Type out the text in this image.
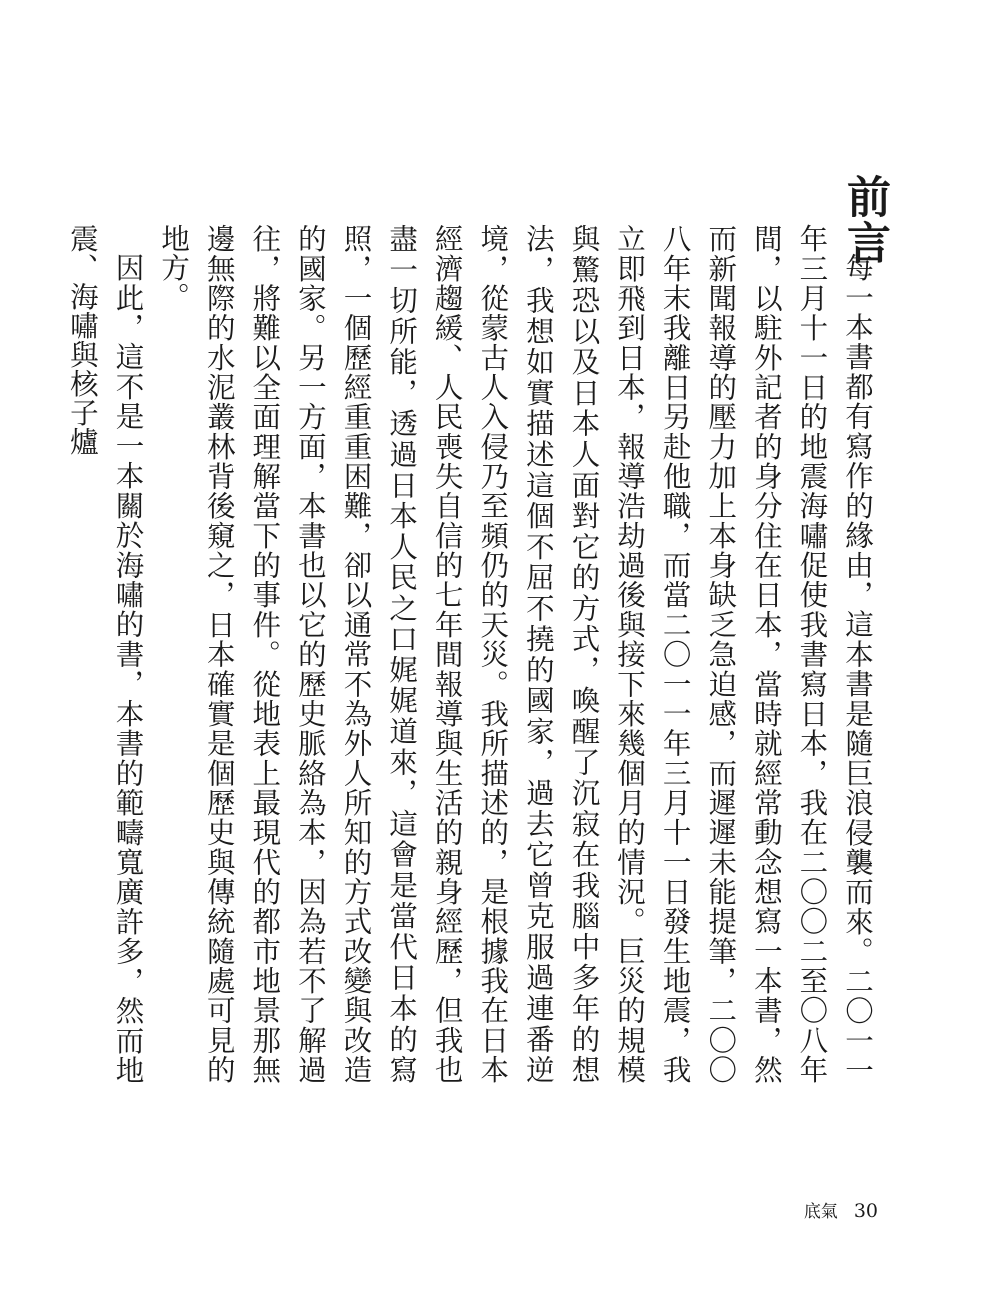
前言

每一本書都有寫作的緣由，這本書是隨巨浪侵襲而來。二〇一一年三月十一日的地震海嘯促使我書寫日本，我在二〇〇二至〇八年間，以駐外記者的身分住在日本，當時就經常動念想寫一本書，然而新聞報導的壓力加上本身缺乏急迫感，而遲遲未能提筆，二〇〇八年末我離日另赴他職，而當二〇一一年三月十一日發生地震，我立即飛到日本，報導浩劫過後與接下來幾個月的情況。巨災的規模與驚恐以及日本人面對它的方式，喚醒了沉寂在我腦中多年的想法，我想如實描述這個不屈不撓的國家，過去它曾克服過連番逆境，從蒙古人入侵乃至頻仍的天災。我所描述的，是根據我在日本經濟趨緩、人民喪失自信的七年間報導與生活的親身經歷，但我也盡一切所能，透過日本人民之口娓娓道來，這會是當代日本的寫照，一個歷經重重困難，卻以通常不為外人所知的方式改變與改造的國家。另一方面，本書也以它的歷史脈絡為本，因為若不了解過往，將難以全面理解當下的事件。從地表上最現代的都市地景那無邊無際的水泥叢林背後窺之，日本確實是個歷史與傳統隨處可見的地方。

因此，這不是一本關於海嘯的書，本書的範疇寬廣許多，然而地震、海嘯與核子爐

底氣 30
